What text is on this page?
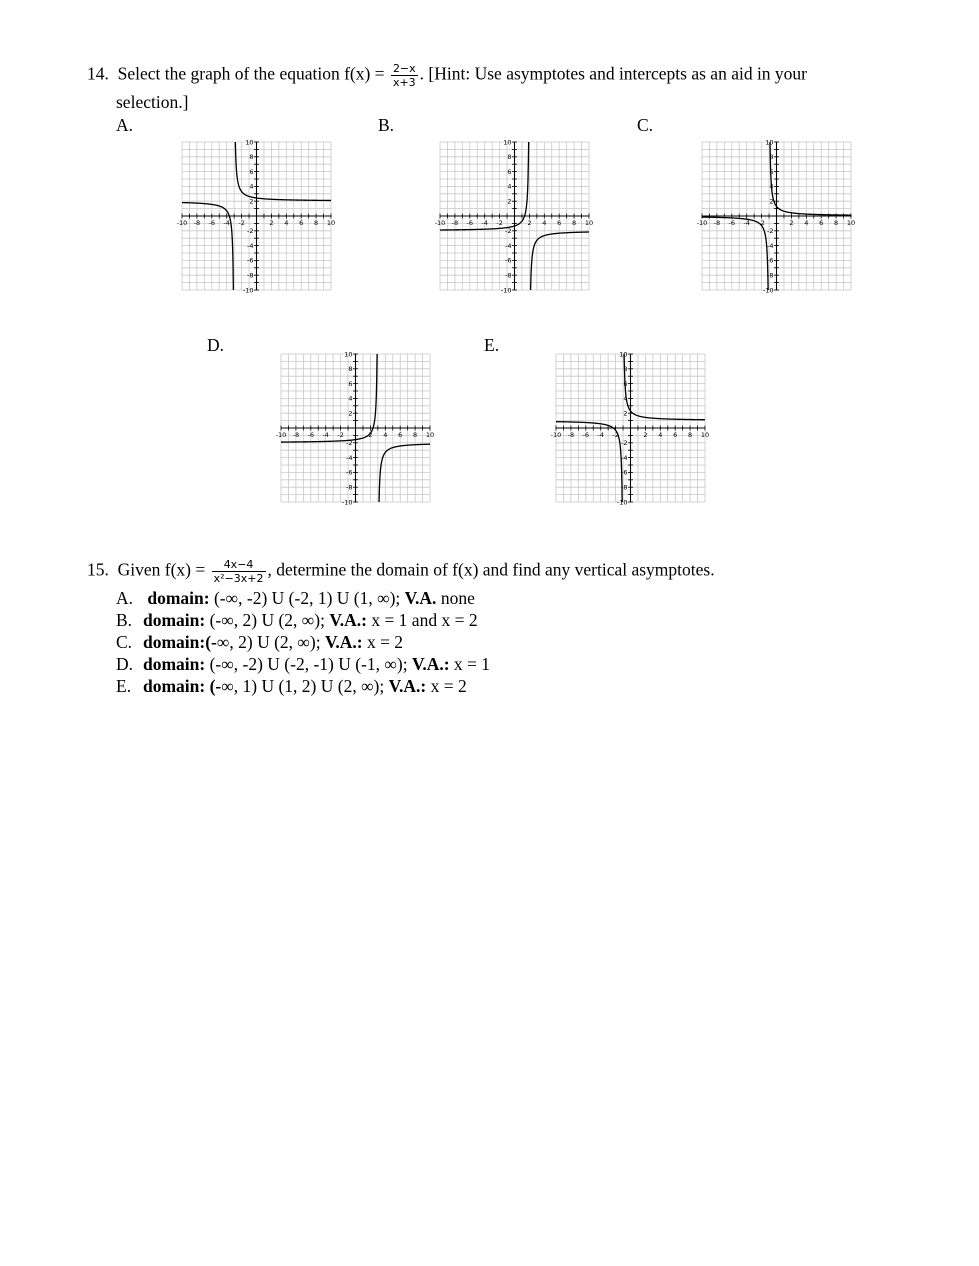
14. Select the graph of the equation $f(x) = \frac{2-x}{x+3}$ . [Hint: Use asymptotes and intercepts as an aid in your
selection.]
A.	B.	C.
D.	E.
-10 -8 -6 -4 -2	2 4 6 8 10
-10
-8
-6
-4
-2
2
4
6
8
10
-10 -8 -6 -4 -2	2 4 6 8 10
-10
-8
-6
-4
-2
2
4
6
8
10
-10 -8 -6 -4 -2	2 4 6 8 10
-10
-8
-6
-4
-2
2
4
6
8
10
-10 -8 -6 -4 -2	2 4 6 8 10
-10
-8
-6
-4
-2
2
4
6
8
10
-10 -8 -6 -4 -2	2 4 6 8 10
-10
-8
-6
-4
-2
2
4
6
8
10
15. Given $f(x) = \frac{4x-4}{\text{x²−3x+2}}$ , determine the domain of f(x) and find any vertical asymptotes.
A. domain: (-∞, -2) U (-2, 1) U (1, ∞); V.A. none
B. domain: (-∞, 2) U (2, ∞); V.A.: x = 1 and x = 2
C. domain:(-∞, 2) U (2, ∞); V.A.: x = 2
D. domain: (-∞, -2) U (-2, -1) U (-1, ∞); V.A.: x = 1
E. domain: (-∞, 1) U (1, 2) U (2, ∞); V.A.: x = 2
